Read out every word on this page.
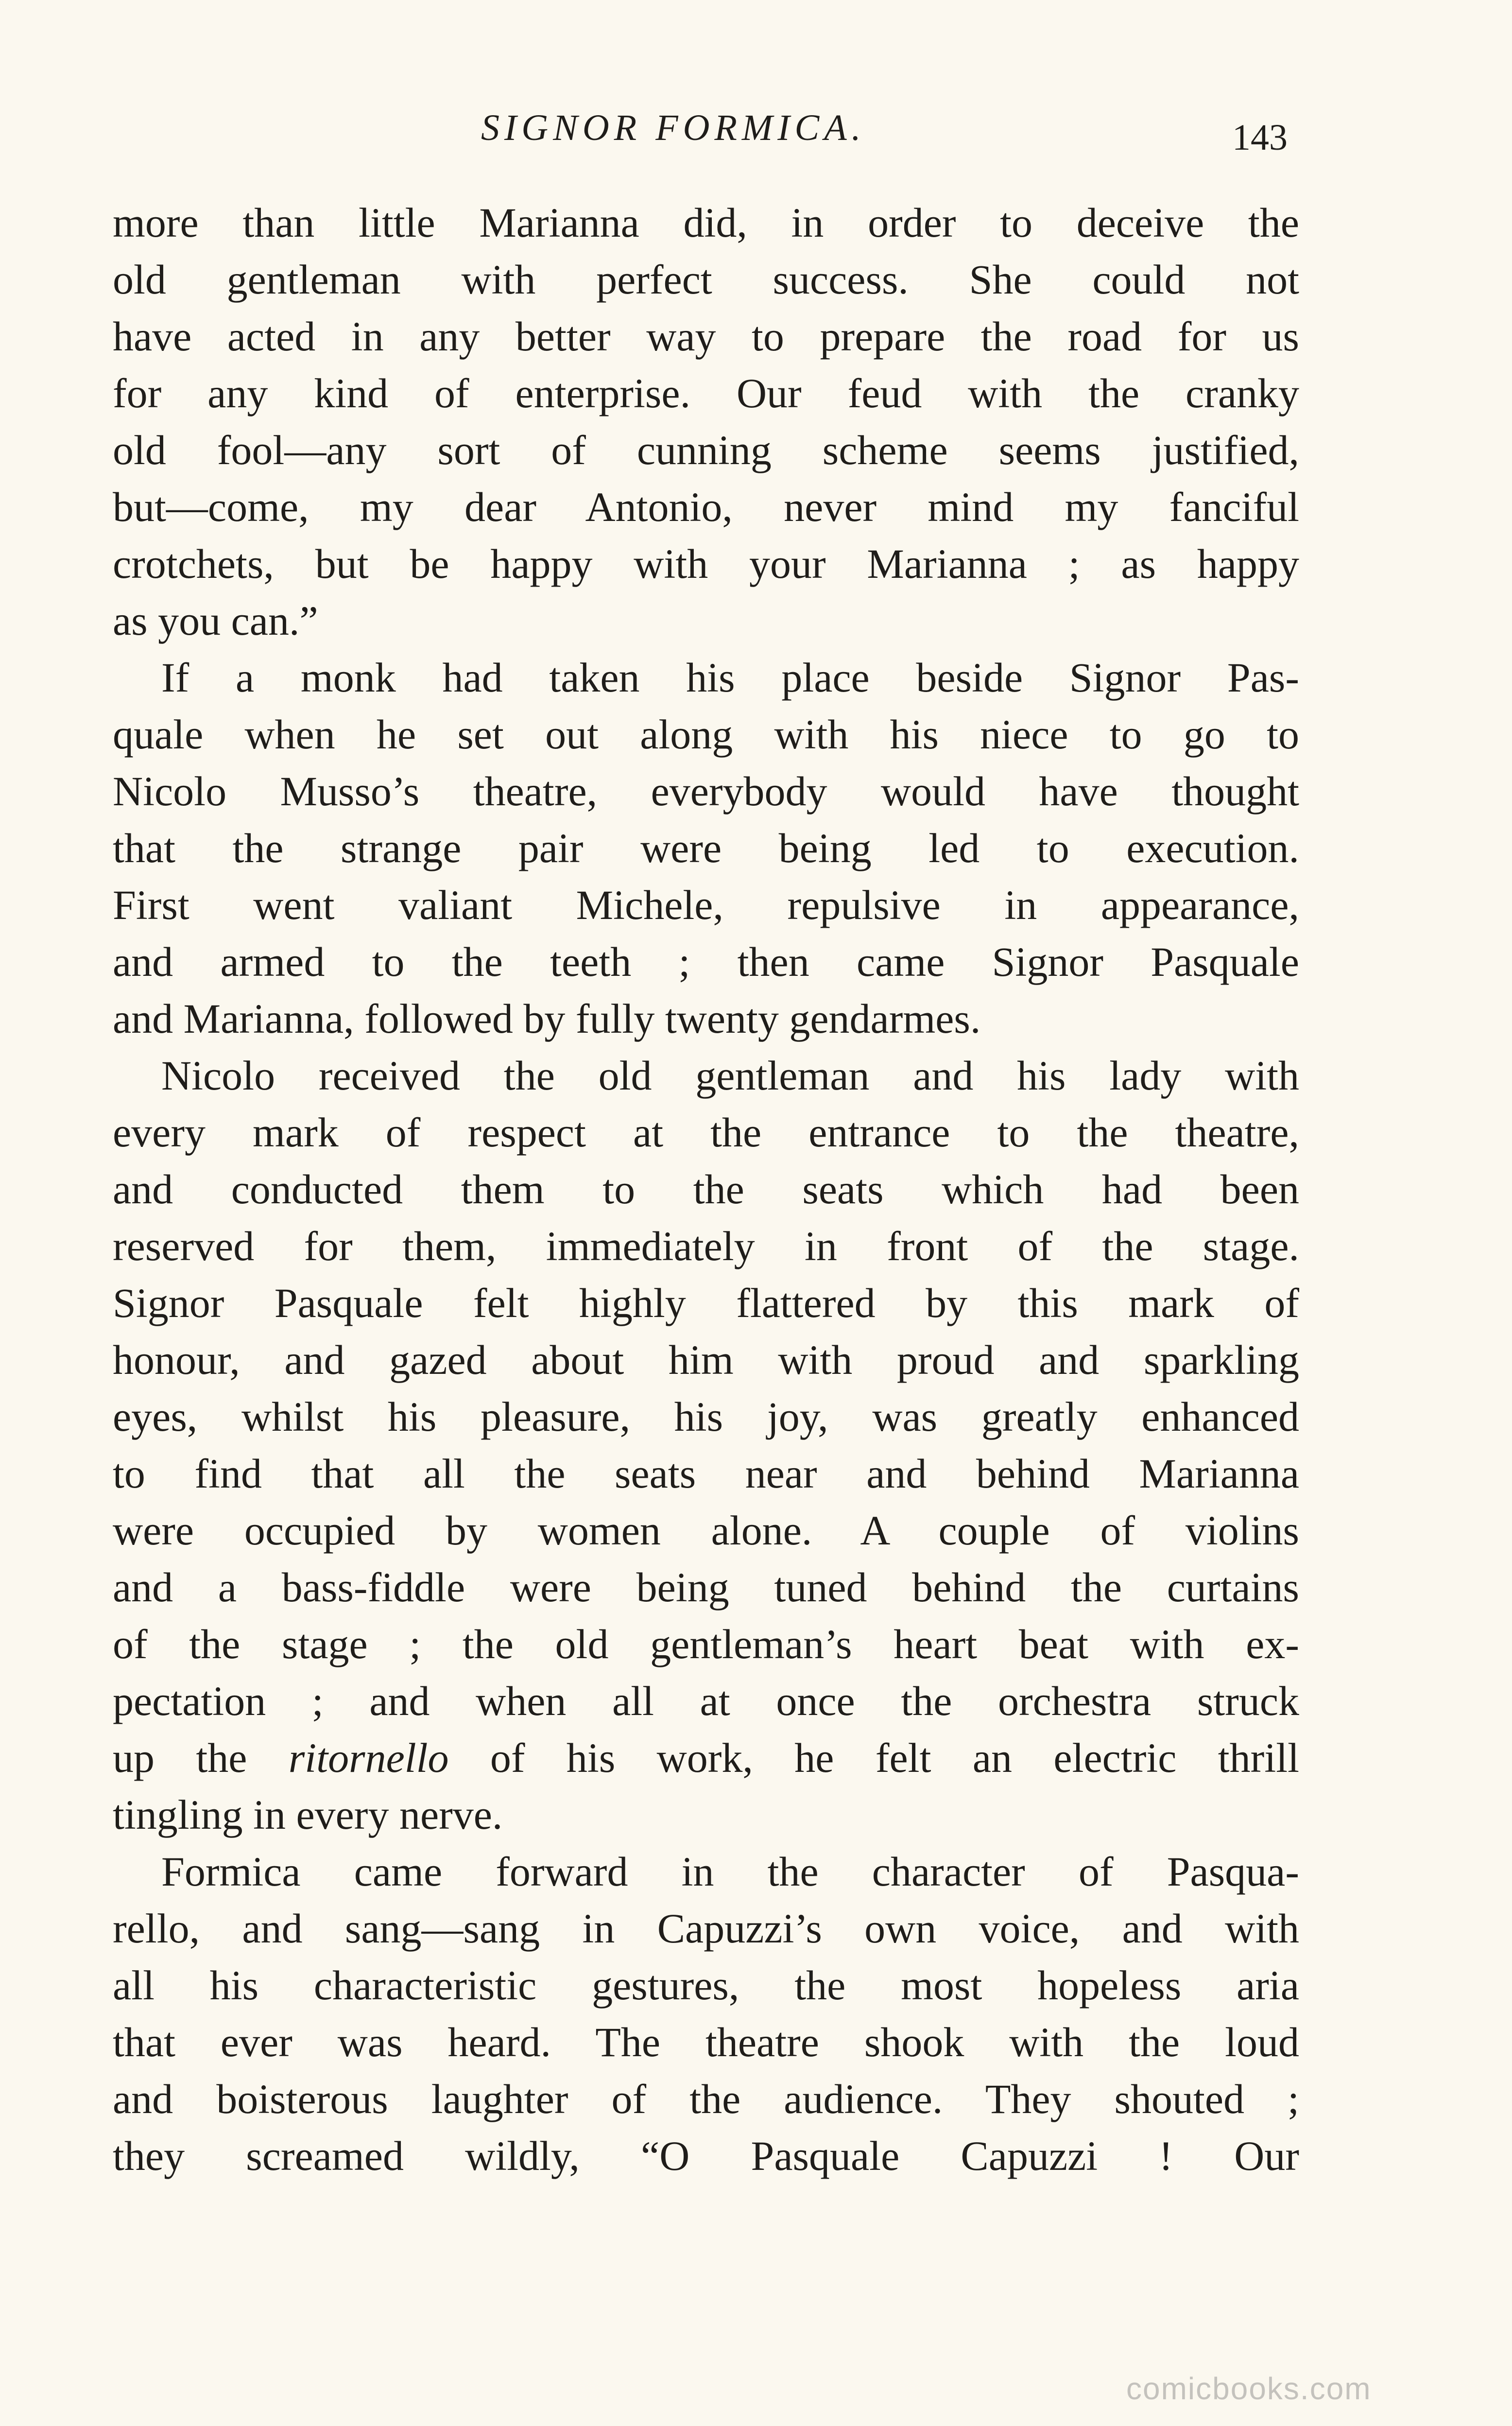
SIGNOR FORMICA.	143
more than little Marianna did, in order to deceive the
old gentleman with perfect success. She could not
have acted in any better way to prepare the road for us
for any kind of enterprise. Our feud with the cranky
old fool—any sort of cunning scheme seems justified,
but—come, my dear Antonio, never mind my fanciful
crotchets, but be happy with your Marianna ; as happy
as you can.”
If a monk had taken his place beside Signor Pas-
quale when he set out along with his niece to go to
Nicolo Musso’s theatre, everybody would have thought
that the strange pair were being led to execution.
First went valiant Michele, repulsive in appearance,
and armed to the teeth ; then came Signor Pasquale
and Marianna, followed by fully twenty gendarmes.
Nicolo received the old gentleman and his lady with
every mark of respect at the entrance to the theatre,
and conducted them to the seats which had been
reserved for them, immediately in front of the stage.
Signor Pasquale felt highly flattered by this mark of
honour, and gazed about him with proud and sparkling
eyes, whilst his pleasure, his joy, was greatly enhanced
to find that all the seats near and behind Marianna
were occupied by women alone. A couple of violins
and a bass-fiddle were being tuned behind the curtains
of the stage ; the old gentleman’s heart beat with ex-
pectation ; and when all at once the orchestra struck
up the ritornello of his work, he felt an electric thrill
tingling in every nerve.
Formica came forward in the character of Pasqua-
rello, and sang—sang in Capuzzi’s own voice, and with
all his characteristic gestures, the most hopeless aria
that ever was heard. The theatre shook with the loud
and boisterous laughter of the audience. They shouted ;
they screamed wildly, “O Pasquale Capuzzi ! Our
comicbooks.com
